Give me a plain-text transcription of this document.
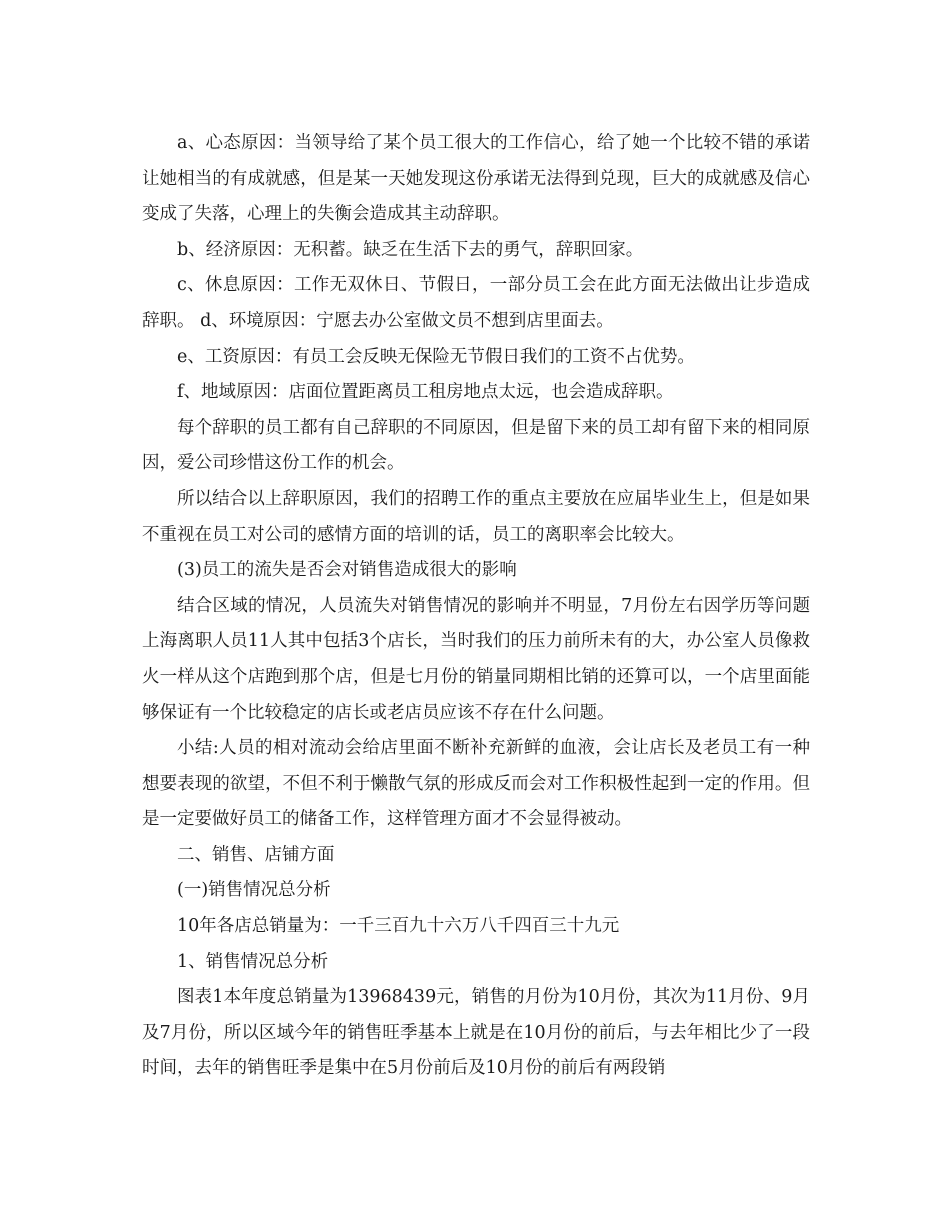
a、心态原因：当领导给了某个员工很大的工作信心，给了她一个比较不错的承诺让她相当的有成就感，但是某一天她发现这份承诺无法得到兑现，巨大的成就感及信心变成了失落，心理上的失衡会造成其主动辞职。

b、经济原因：无积蓄。缺乏在生活下去的勇气，辞职回家。

c、休息原因：工作无双休日、节假日，一部分员工会在此方面无法做出让步造成辞职。 d、环境原因：宁愿去办公室做文员不想到店里面去。

e、工资原因：有员工会反映无保险无节假日我们的工资不占优势。

f、地域原因：店面位置距离员工租房地点太远，也会造成辞职。

每个辞职的员工都有自己辞职的不同原因，但是留下来的员工却有留下来的相同原因，爱公司珍惜这份工作的机会。

所以结合以上辞职原因，我们的招聘工作的重点主要放在应届毕业生上，但是如果不重视在员工对公司的感情方面的培训的话，员工的离职率会比较大。

(3)员工的流失是否会对销售造成很大的影响

结合区域的情况，人员流失对销售情况的影响并不明显，7月份左右因学历等问题上海离职人员11人其中包括3个店长，当时我们的压力前所未有的大，办公室人员像救火一样从这个店跑到那个店，但是七月份的销量同期相比销的还算可以，一个店里面能够保证有一个比较稳定的店长或老店员应该不存在什么问题。

小结:人员的相对流动会给店里面不断补充新鲜的血液，会让店长及老员工有一种想要表现的欲望，不但不利于懒散气氛的形成反而会对工作积极性起到一定的作用。但是一定要做好员工的储备工作，这样管理方面才不会显得被动。

二、销售、店铺方面

(一)销售情况总分析

10年各店总销量为：一千三百九十六万八千四百三十九元

1、销售情况总分析

图表1本年度总销量为13968439元，销售的月份为10月份，其次为11月份、9月及7月份，所以区域今年的销售旺季基本上就是在10月份的前后，与去年相比少了一段时间，去年的销售旺季是集中在5月份前后及10月份的前后有两段销
